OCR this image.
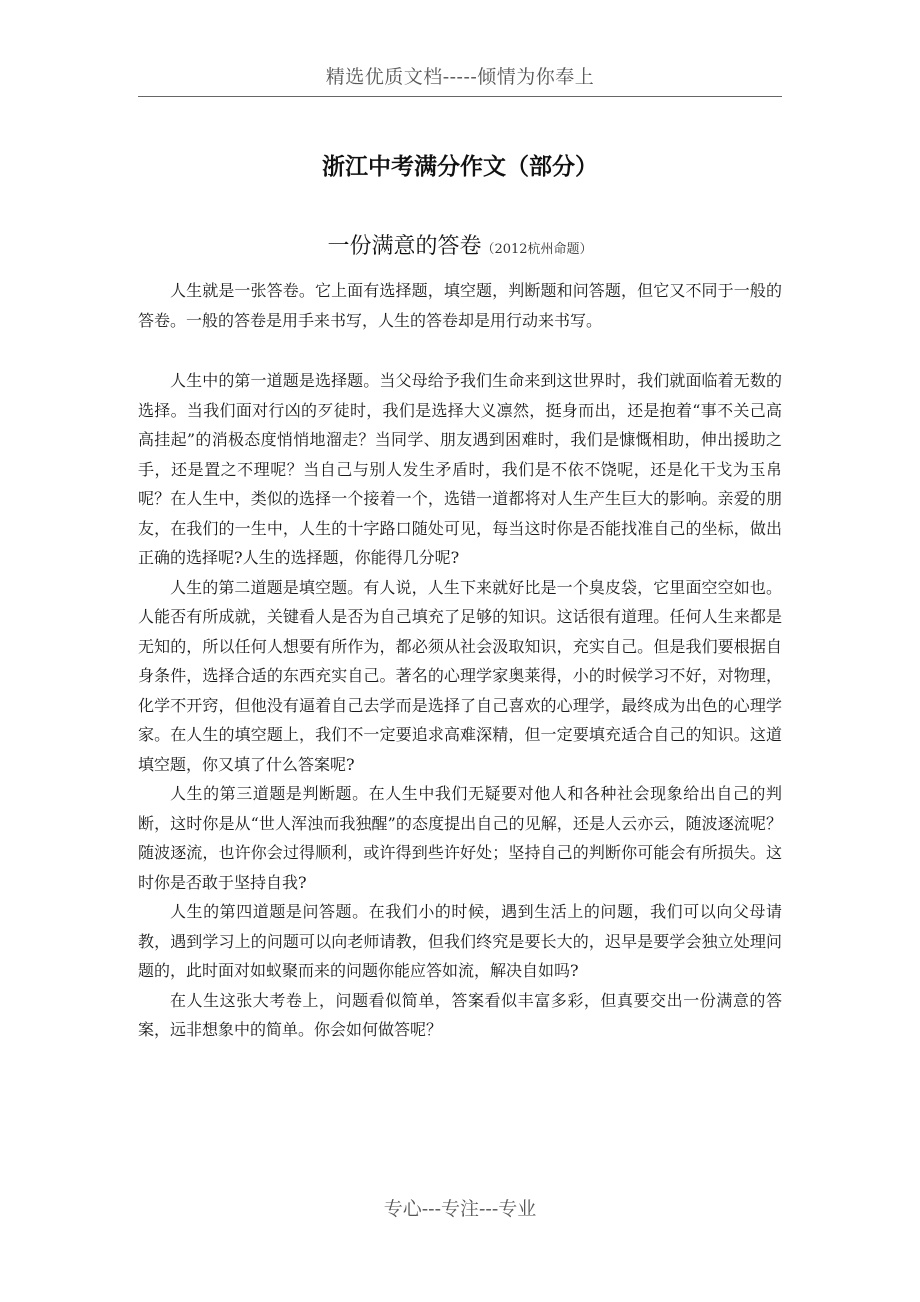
精选优质文档-----倾情为你奉上
浙江中考满分作文（部分）
一份满意的答卷（2012杭州命题）

人生就是一张答卷。它上面有选择题，填空题，判断题和问答题，但它又不同于一般的答卷。一般的答卷是用手来书写，人生的答卷却是用行动来书写。

人生中的第一道题是选择题。当父母给予我们生命来到这世界时，我们就面临着无数的选择。当我们面对行凶的歹徒时，我们是选择大义凛然，挺身而出，还是抱着“事不关己高高挂起”的消极态度悄悄地溜走？当同学、朋友遇到困难时，我们是慷慨相助，伸出援助之手，还是置之不理呢？当自己与别人发生矛盾时，我们是不依不饶呢，还是化干戈为玉帛呢？在人生中，类似的选择一个接着一个，选错一道都将对人生产生巨大的影响。亲爱的朋友，在我们的一生中，人生的十字路口随处可见，每当这时你是否能找准自己的坐标，做出正确的选择呢?人生的选择题，你能得几分呢?

人生的第二道题是填空题。有人说，人生下来就好比是一个臭皮袋，它里面空空如也。人能否有所成就，关键看人是否为自己填充了足够的知识。这话很有道理。任何人生来都是无知的，所以任何人想要有所作为，都必须从社会汲取知识，充实自己。但是我们要根据自身条件，选择合适的东西充实自己。著名的心理学家奥莱得，小的时候学习不好，对物理，化学不开窍，但他没有逼着自己去学而是选择了自己喜欢的心理学，最终成为出色的心理学家。在人生的填空题上，我们不一定要追求高难深精，但一定要填充适合自己的知识。这道填空题，你又填了什么答案呢?

人生的第三道题是判断题。在人生中我们无疑要对他人和各种社会现象给出自己的判断，这时你是从“世人浑浊而我独醒”的态度提出自己的见解，还是人云亦云，随波逐流呢？随波逐流，也许你会过得顺利，或许得到些许好处；坚持自己的判断你可能会有所损失。这时你是否敢于坚持自我?

人生的第四道题是问答题。在我们小的时候，遇到生活上的问题，我们可以向父母请教，遇到学习上的问题可以向老师请教，但我们终究是要长大的，迟早是要学会独立处理问题的，此时面对如蚁聚而来的问题你能应答如流，解决自如吗?

在人生这张大考卷上，问题看似简单，答案看似丰富多彩，但真要交出一份满意的答案，远非想象中的简单。你会如何做答呢？

专心---专注---专业
